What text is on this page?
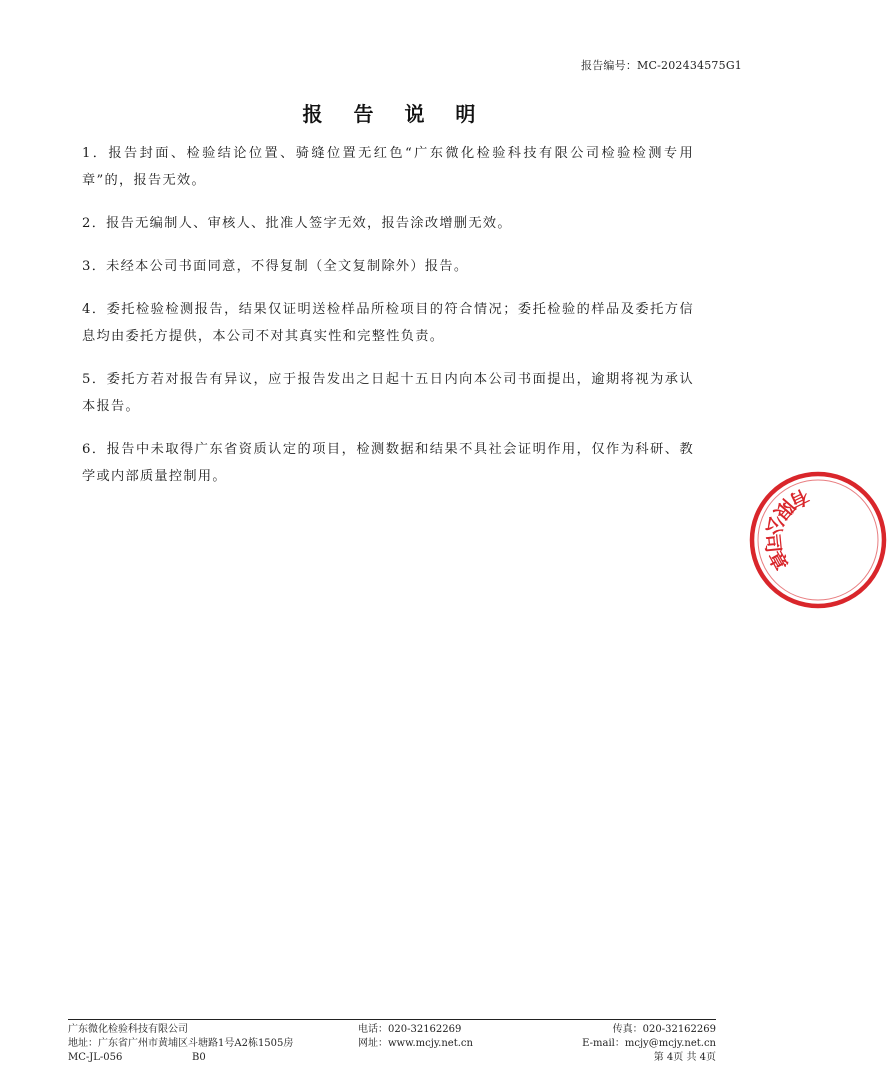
报告编号：MC-202434575G1
报 告 说 明

1．报告封面、检验结论位置、骑缝位置无红色“广东微化检验科技有限公司检验检测专用章”的，报告无效。

2．报告无编制人、审核人、批准人签字无效，报告涂改增删无效。

3．未经本公司书面同意，不得复制（全文复制除外）报告。

4．委托检验检测报告，结果仅证明送检样品所检项目的符合情况；委托检验的样品及委托方信息均由委托方提供，本公司不对其真实性和完整性负责。

5．委托方若对报告有异议，应于报告发出之日起十五日内向本公司书面提出，逾期将视为承认本报告。

6．报告中未取得广东省资质认定的项目，检测数据和结果不具社会证明作用，仅作为科研、教学或内部质量控制用。

有限公司章
广东微化检验科技有限公司	电话：020-32162269	传真：020-32162269
地址：广东省广州市黄埔区斗塘路1号A2栋1505房	网址：www.mcjy.net.cn	E-mail：mcjy@mcjy.net.cn
MC-JL-056	B0	第 4页 共 4页
